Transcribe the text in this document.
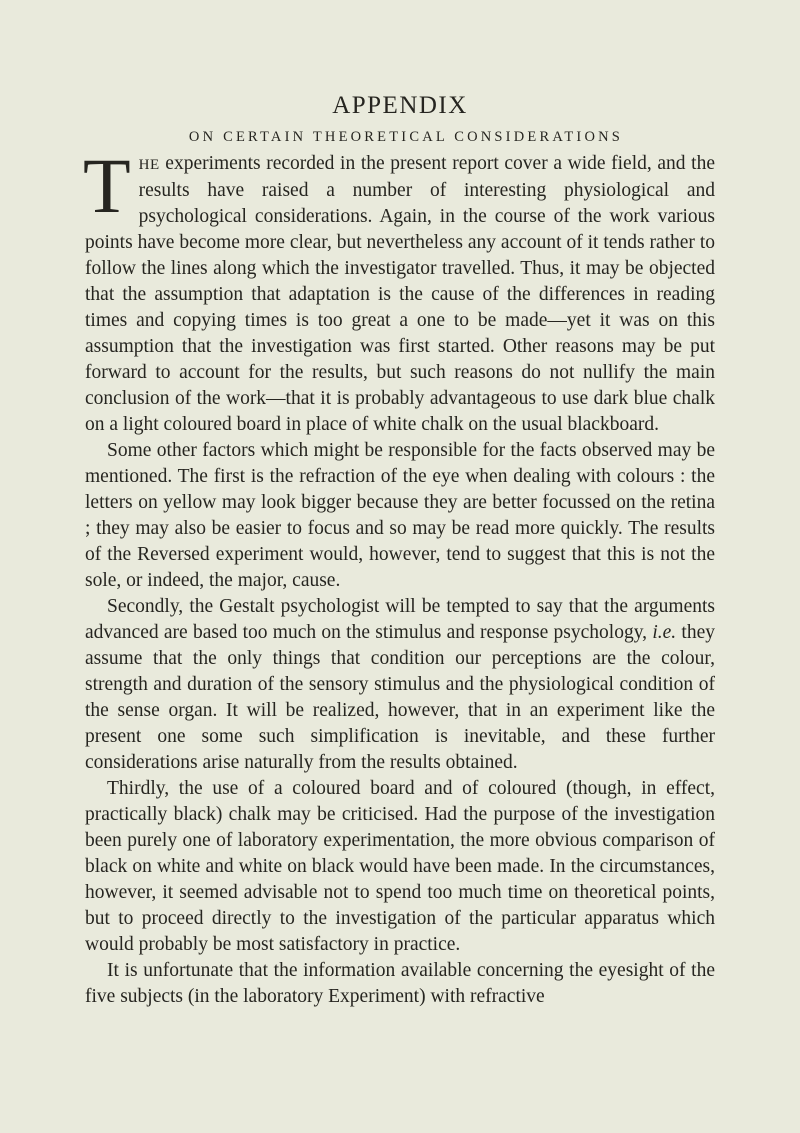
APPENDIX
ON CERTAIN THEORETICAL CONSIDERATIONS

THE experiments recorded in the present report cover a wide field, and the results have raised a number of interesting physiological and psychological considerations. Again, in the course of the work various points have become more clear, but nevertheless any account of it tends rather to follow the lines along which the investigator travelled. Thus, it may be objected that the assumption that adaptation is the cause of the differences in reading times and copying times is too great a one to be made—yet it was on this assumption that the investigation was first started. Other reasons may be put forward to account for the results, but such reasons do not nullify the main conclusion of the work—that it is probably advantageous to use dark blue chalk on a light coloured board in place of white chalk on the usual blackboard.

Some other factors which might be responsible for the facts observed may be mentioned. The first is the refraction of the eye when dealing with colours : the letters on yellow may look bigger because they are better focussed on the retina ; they may also be easier to focus and so may be read more quickly. The results of the Reversed experiment would, however, tend to suggest that this is not the sole, or indeed, the major, cause.

Secondly, the Gestalt psychologist will be tempted to say that the arguments advanced are based too much on the stimulus and response psychology, i.e. they assume that the only things that condition our perceptions are the colour, strength and duration of the sensory stimulus and the physiological condition of the sense organ. It will be realized, however, that in an experiment like the present one some such simplification is inevitable, and these further considerations arise naturally from the results obtained.

Thirdly, the use of a coloured board and of coloured (though, in effect, practically black) chalk may be criticised. Had the purpose of the investigation been purely one of laboratory experimentation, the more obvious comparison of black on white and white on black would have been made. In the circumstances, however, it seemed advisable not to spend too much time on theoretical points, but to proceed directly to the investigation of the particular apparatus which would probably be most satisfactory in practice.

It is unfortunate that the information available concerning the eyesight of the five subjects (in the laboratory Experiment) with refractive
